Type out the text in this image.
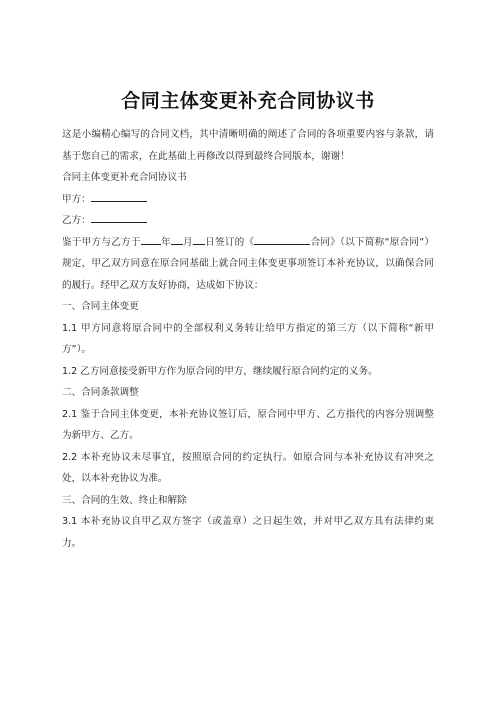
合同主体变更补充合同协议书

这是小编精心编写的合同文档，其中清晰明确的阐述了合同的各项重要内容与条款，请基于您自己的需求，在此基础上再修改以得到最终合同版本，谢谢！

合同主体变更补充合同协议书

甲方：

乙方：

鉴于甲方与乙方于 年 月 日签订的《	合同》（以下简称“原合同”）规定，甲乙双方同意在原合同基础上就合同主体变更事项签订本补充协议，以确保合同的履行。经甲乙双方友好协商，达成如下协议：

一、合同主体变更

1.1 甲方同意将原合同中的全部权利义务转让给甲方指定的第三方（以下简称“新甲方”）。

1.2 乙方同意接受新甲方作为原合同的甲方，继续履行原合同约定的义务。

二、合同条款调整

2.1 鉴于合同主体变更，本补充协议签订后，原合同中甲方、乙方指代的内容分别调整为新甲方、乙方。

2.2 本补充协议未尽事宜，按照原合同的约定执行。如原合同与本补充协议有冲突之处，以本补充协议为准。

三、合同的生效、终止和解除

3.1 本补充协议自甲乙双方签字（或盖章）之日起生效，并对甲乙双方具有法律约束力。
